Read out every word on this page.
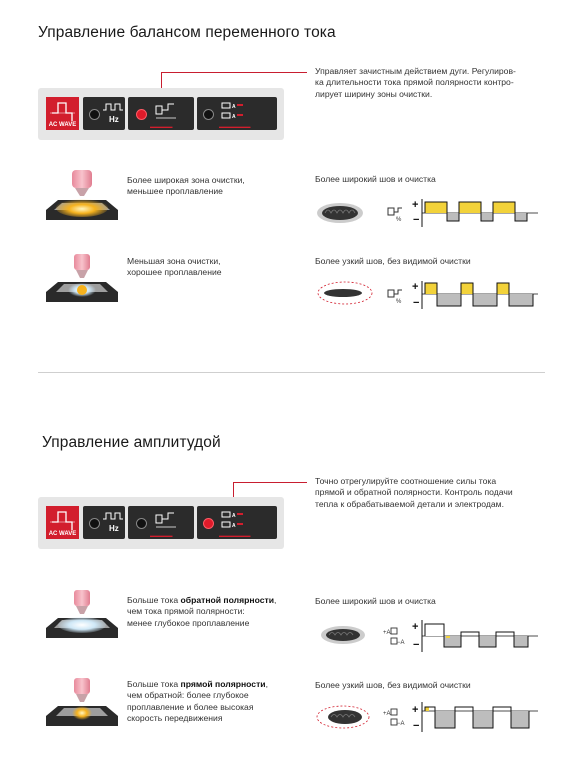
Управление балансом переменного тока
Управляет зачистным действием дуги. Регулиров-
ка длительности тока прямой полярности контро-
лирует ширину зоны очистки.
AC WAVE
Hz
▬▬▬▬▬
A
A
▬▬▬▬▬▬▬
Более широкая зона очистки,
меньшее проплавление
Более широкий шов и очистка
%
+
−
Меньшая зона очистки,
хорошее проплавление
Более узкий шов, без видимой очистки
%
+
−
Управление амплитудой
Точно отрегулируйте соотношение силы тока
прямой и обратной полярности. Контроль подачи
тепла к обрабатываемой детали и электродам.
AC WAVE
Hz
▬▬▬▬▬
A
A
▬▬▬▬▬▬▬
Больше тока обратной полярности,
чем тока прямой полярности:
менее глубокое проплавление
Более широкий шов и очистка
+A
−A
+
−
Больше тока прямой полярности,
чем обратной: более глубокое
проплавление и более высокая
скорость передвижения
Более узкий шов, без видимой очистки
+A
−A
+
−
